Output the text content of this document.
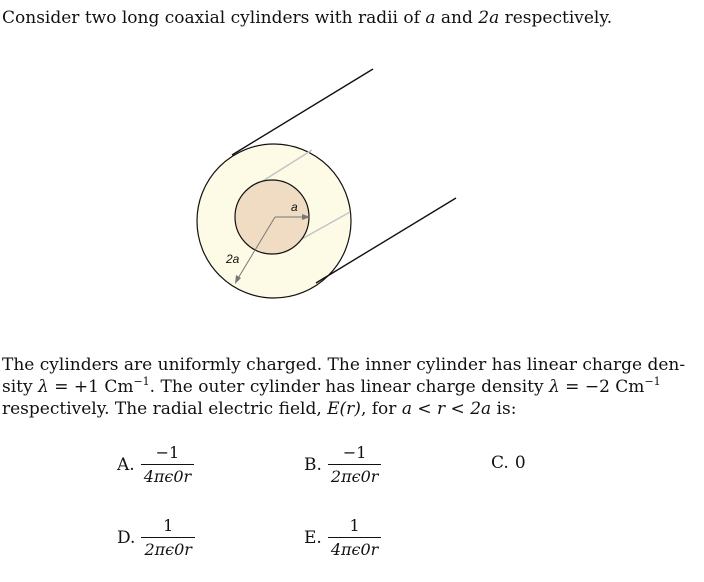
Consider two long coaxial cylinders with radii of a and 2a respectively.
a
2a
The cylinders are uniformly charged. The inner cylinder has linear charge den-
sity λ = +1 $Cm^{-1}$. The outer cylinder has linear charge density λ = −2 $Cm^{-1}$
respectively. The radial electric field, E(r), for a < r < 2a is:
A. $\frac{-1}{4\pi\epsilon 0r}$	B. $\frac{-1}{2\pi\epsilon 0r}$	C. 0
D. $\frac{1}{2\pi\epsilon 0r}$	E. $\frac{1}{4\pi\epsilon 0r}$
